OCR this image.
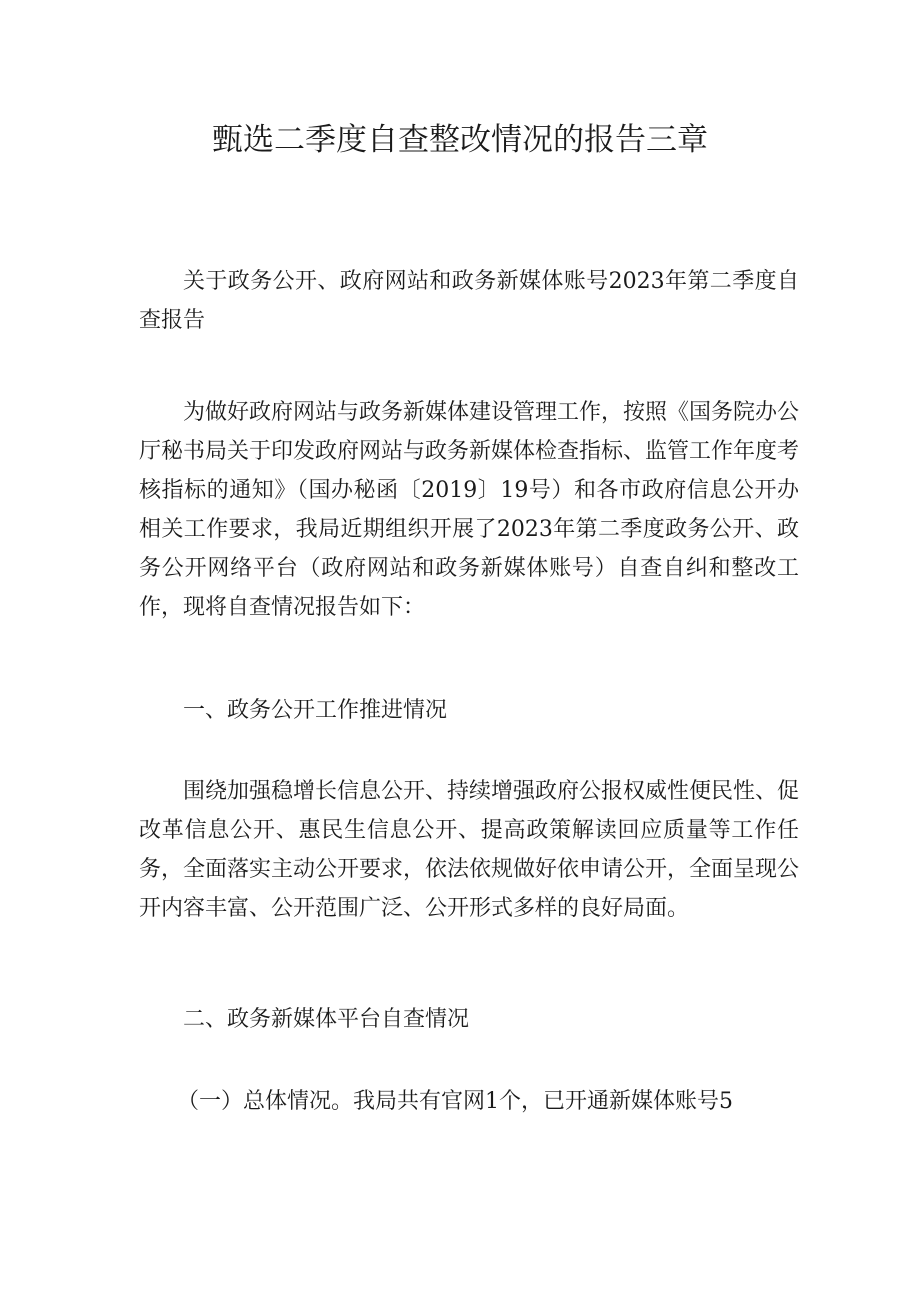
甄选二季度自查整改情况的报告三章

关于政务公开、政府网站和政务新媒体账号2023年第二季度自查报告

为做好政府网站与政务新媒体建设管理工作，按照《国务院办公厅秘书局关于印发政府网站与政务新媒体检查指标、监管工作年度考核指标的通知》（国办秘函〔2019〕19号）和各市政府信息公开办相关工作要求，我局近期组织开展了2023年第二季度政务公开、政务公开网络平台（政府网站和政务新媒体账号）自查自纠和整改工作，现将自查情况报告如下：

一、政务公开工作推进情况

围绕加强稳增长信息公开、持续增强政府公报权威性便民性、促改革信息公开、惠民生信息公开、提高政策解读回应质量等工作任务，全面落实主动公开要求，依法依规做好依申请公开，全面呈现公开内容丰富、公开范围广泛、公开形式多样的良好局面。

二、政务新媒体平台自查情况

（一）总体情况。我局共有官网1个，已开通新媒体账号5
